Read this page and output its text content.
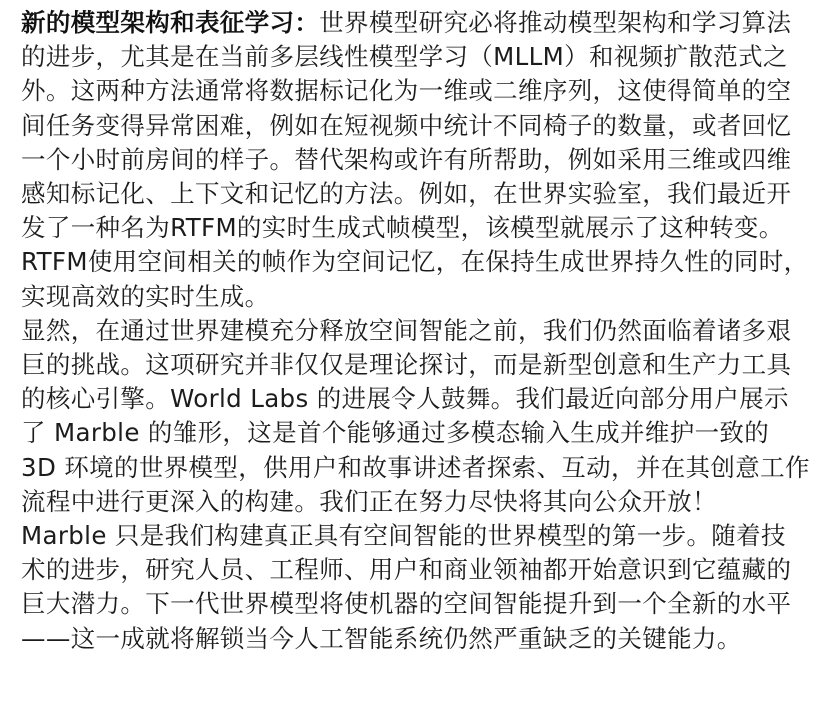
新的模型架构和表征学习：世界模型研究必将推动模型架构和学习算法的进步，尤其是在当前多层线性模型学习（MLLM）和视频扩散范式之外。这两种方法通常将数据标记化为一维或二维序列，这使得简单的空间任务变得异常困难，例如在短视频中统计不同椅子的数量，或者回忆一个小时前房间的样子。替代架构或许有所帮助，例如采用三维或四维感知标记化、上下文和记忆的方法。例如，在世界实验室，我们最近开发了一种名为RTFM的实时生成式帧模型，该模型就展示了这种转变。RTFM使用空间相关的帧作为空间记忆，在保持生成世界持久性的同时，实现高效的实时生成。

显然，在通过世界建模充分释放空间智能之前，我们仍然面临着诸多艰巨的挑战。这项研究并非仅仅是理论探讨，而是新型创意和生产力工具的核心引擎。World Labs 的进展令人鼓舞。我们最近向部分用户展示了 Marble 的雏形，这是首个能够通过多模态输入生成并维护一致的 3D 环境的世界模型，供用户和故事讲述者探索、互动，并在其创意工作流程中进行更深入的构建。我们正在努力尽快将其向公众开放！

Marble 只是我们构建真正具有空间智能的世界模型的第一步。随着技术的进步，研究人员、工程师、用户和商业领袖都开始意识到它蕴藏的巨大潜力。下一代世界模型将使机器的空间智能提升到一个全新的水平——这一成就将解锁当今人工智能系统仍然严重缺乏的关键能力。
